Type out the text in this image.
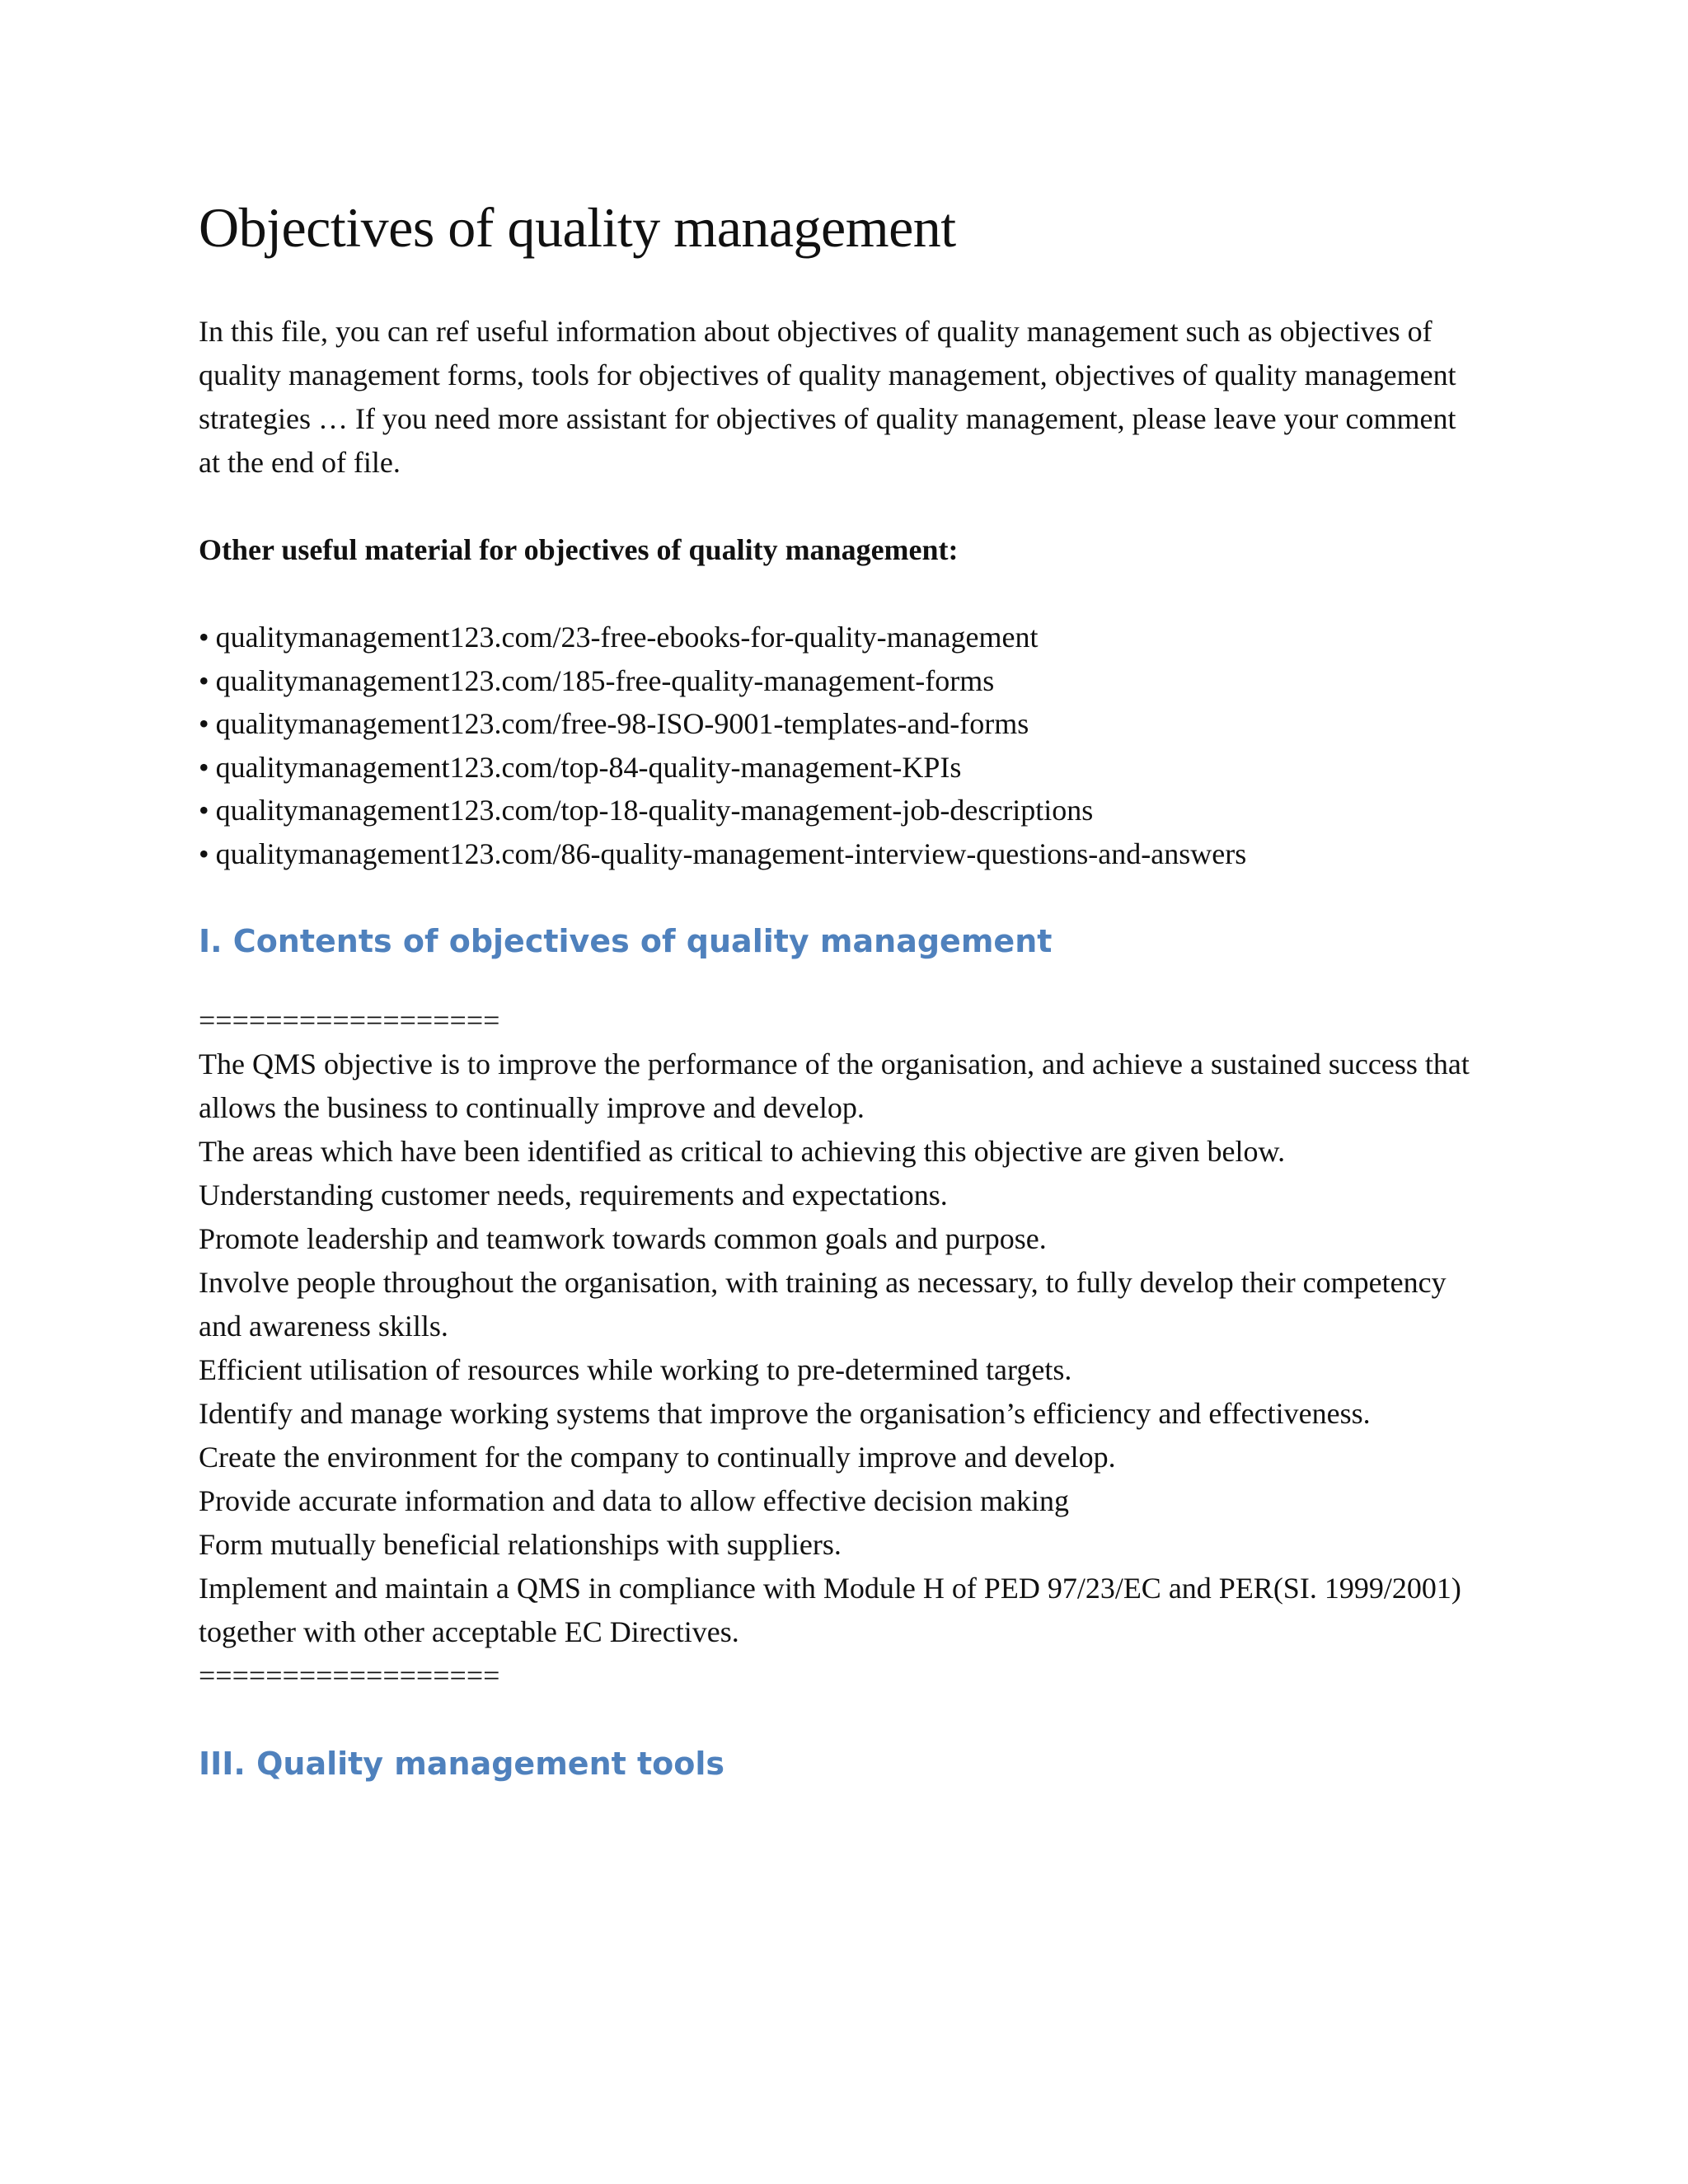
Objectives of quality management

In this file, you can ref useful information about objectives of quality management such as objectives of quality management forms, tools for objectives of quality management, objectives of quality management strategies … If you need more assistant for objectives of quality management, please leave your comment at the end of file.

Other useful material for objectives of quality management:

• qualitymanagement123.com/23-free-ebooks-for-quality-management
• qualitymanagement123.com/185-free-quality-management-forms
• qualitymanagement123.com/free-98-ISO-9001-templates-and-forms
• qualitymanagement123.com/top-84-quality-management-KPIs
• qualitymanagement123.com/top-18-quality-management-job-descriptions
• qualitymanagement123.com/86-quality-management-interview-questions-and-answers
I. Contents of objectives of quality management

==================

The QMS objective is to improve the performance of the organisation, and achieve a sustained success that allows the business to continually improve and develop.

The areas which have been identified as critical to achieving this objective are given below.

Understanding customer needs, requirements and expectations.

Promote leadership and teamwork towards common goals and purpose.

Involve people throughout the organisation, with training as necessary, to fully develop their competency and awareness skills.

Efficient utilisation of resources while working to pre-determined targets.

Identify and manage working systems that improve the organisation’s efficiency and effectiveness.

Create the environment for the company to continually improve and develop.

Provide accurate information and data to allow effective decision making

Form mutually beneficial relationships with suppliers.

Implement and maintain a QMS in compliance with Module H of PED 97/23/EC and PER(SI. 1999/2001) together with other acceptable EC Directives.

==================

III. Quality management tools
